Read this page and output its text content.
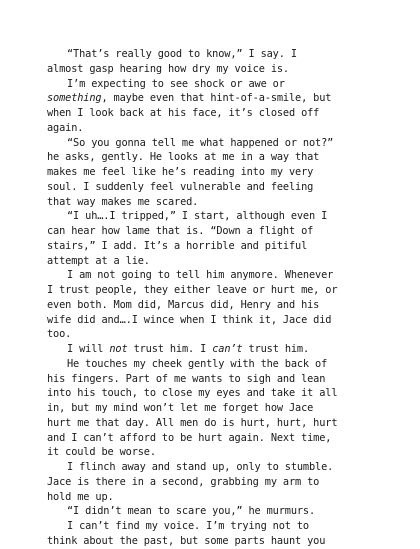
“That’s really good to know,” I say. I
almost gasp hearing how dry my voice is.
I’m expecting to see shock or awe or
something, maybe even that hint-of-a-smile, but
when I look back at his face, it’s closed off
again.
“So you gonna tell me what happened or not?”
he asks, gently. He looks at me in a way that
makes me feel like he’s reading into my very
soul. I suddenly feel vulnerable and feeling
that way makes me scared.
“I uh….I tripped,” I start, although even I
can hear how lame that is. “Down a flight of
stairs,” I add. It’s a horrible and pitiful
attempt at a lie.
I am not going to tell him anymore. Whenever
I trust people, they either leave or hurt me, or
even both. Mom did, Marcus did, Henry and his
wife did and….I wince when I think it, Jace did
too.
I will not trust him. I can’t trust him.
He touches my cheek gently with the back of
his fingers. Part of me wants to sigh and lean
into his touch, to close my eyes and take it all
in, but my mind won’t let me forget how Jace
hurt me that day. All men do is hurt, hurt, hurt
and I can’t afford to be hurt again. Next time,
it could be worse.
I flinch away and stand up, only to stumble.
Jace is there in a second, grabbing my arm to
hold me up.
“I didn’t mean to scare you,” he murmurs.
I can’t find my voice. I’m trying not to
think about the past, but some parts haunt you
